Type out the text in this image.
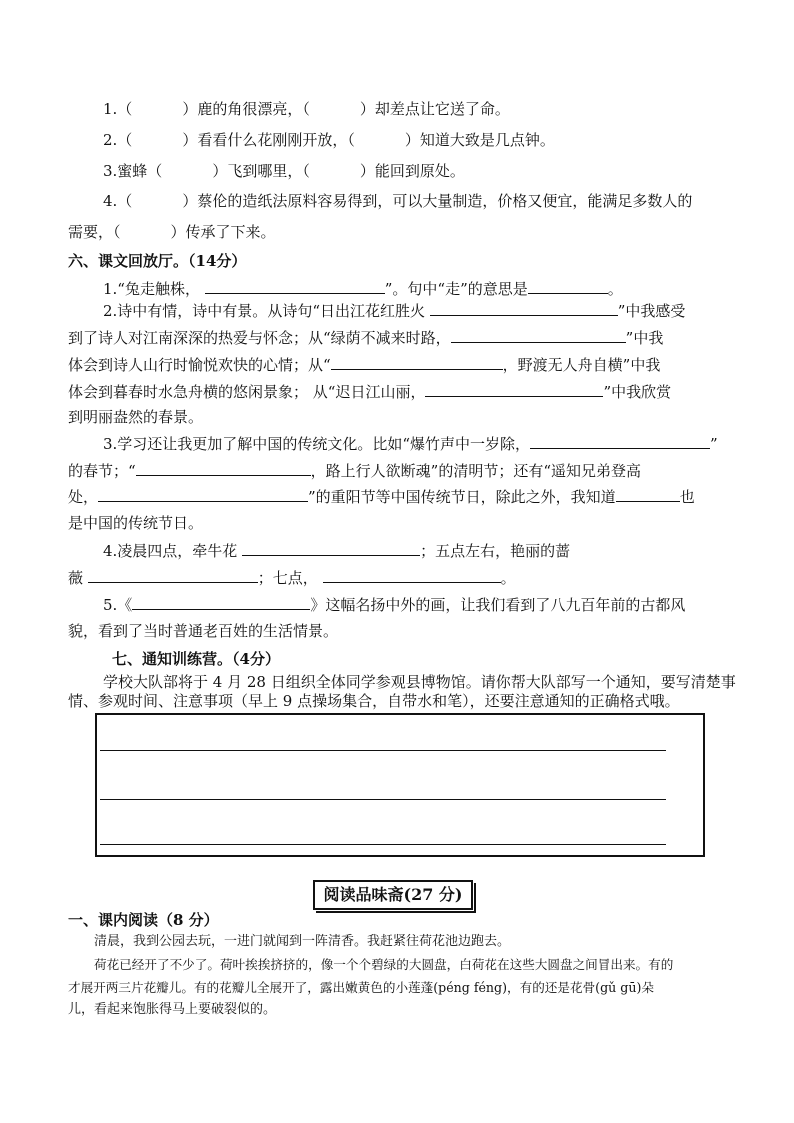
1.（	）鹿的角很漂亮，（	）却差点让它送了命。
2.（	）看看什么花刚刚开放，（	）知道大致是几点钟。
3.蜜蜂（	）飞到哪里，（	）能回到原处。
4.（	）蔡伦的造纸法原料容易得到，可以大量制造，价格又便宜，能满足多数人的
需要，（	）传承了下来。
六、课文回放厅。（14分）
1.“兔走触株，	”。句中“走”的意思是	。
2.诗中有情，诗中有景。从诗句“日出江花红胜火	”中我感受
到了诗人对江南深深的热爱与怀念；从“绿荫不减来时路，	”中我
体会到诗人山行时愉悦欢快的心情；从“	，野渡无人舟自横”中我
体会到暮春时水急舟横的悠闲景象； 从“迟日江山丽，	”中我欣赏
到明丽盎然的春景。
3.学习还让我更加了解中国的传统文化。比如“爆竹声中一岁除，	”
的春节；“	，路上行人欲断魂”的清明节；还有“遥知兄弟登高
处，	”的重阳节等中国传统节日，除此之外，我知道	也
是中国的传统节日。
4.凌晨四点，牵牛花	；五点左右，艳丽的蔷
薇	；七点，	。
5.《	》这幅名扬中外的画，让我们看到了八九百年前的古都风
貌，看到了当时普通老百姓的生活情景。
七、通知训练营。（4分）
学校大队部将于 4 月 28 日组织全体同学参观县博物馆。请你帮大队部写一个通知，要写清楚事
情、参观时间、注意事项（早上 9 点操场集合，自带水和笔），还要注意通知的正确格式哦。
阅读品味斋(27 分)
一、课内阅读（8 分）
清晨，我到公园去玩，一进门就闻到一阵清香。我赶紧往荷花池边跑去。
荷花已经开了不少了。荷叶挨挨挤挤的，像一个个碧绿的大圆盘，白荷花在这些大圆盘之间冒出来。有的
才展开两三片花瓣儿。有的花瓣儿全展开了，露出嫩黄色的小莲蓬(péng féng)，有的还是花骨(gǔ gū)朵
儿，看起来饱胀得马上要破裂似的。
